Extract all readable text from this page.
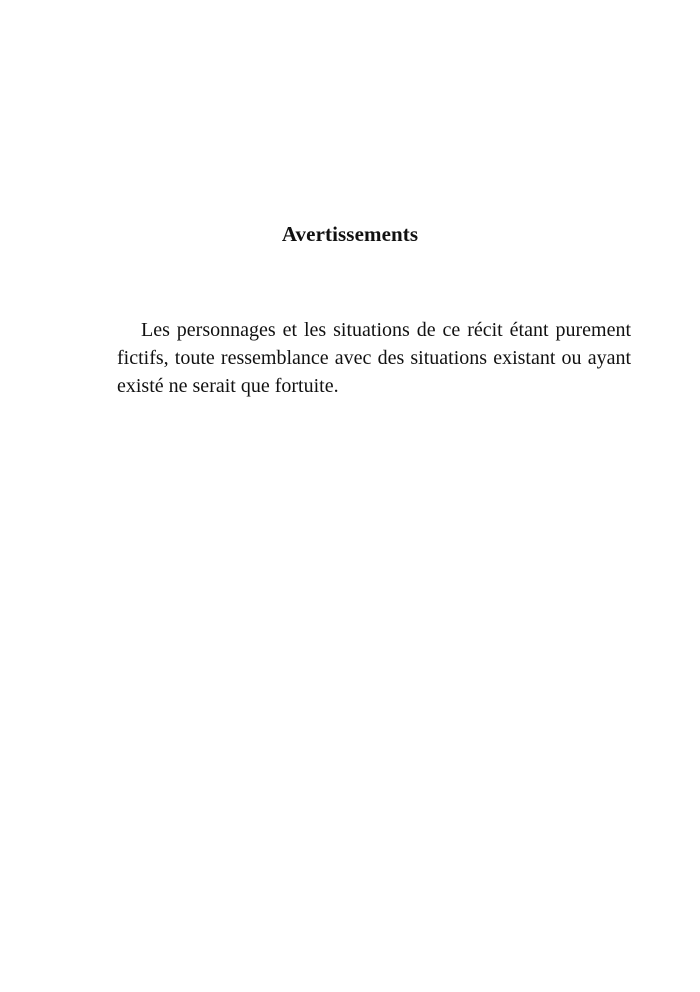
Avertissements

Les personnages et les situations de ce récit étant purement fictifs, toute ressemblance avec des situations existant ou ayant existé ne serait que fortuite.
